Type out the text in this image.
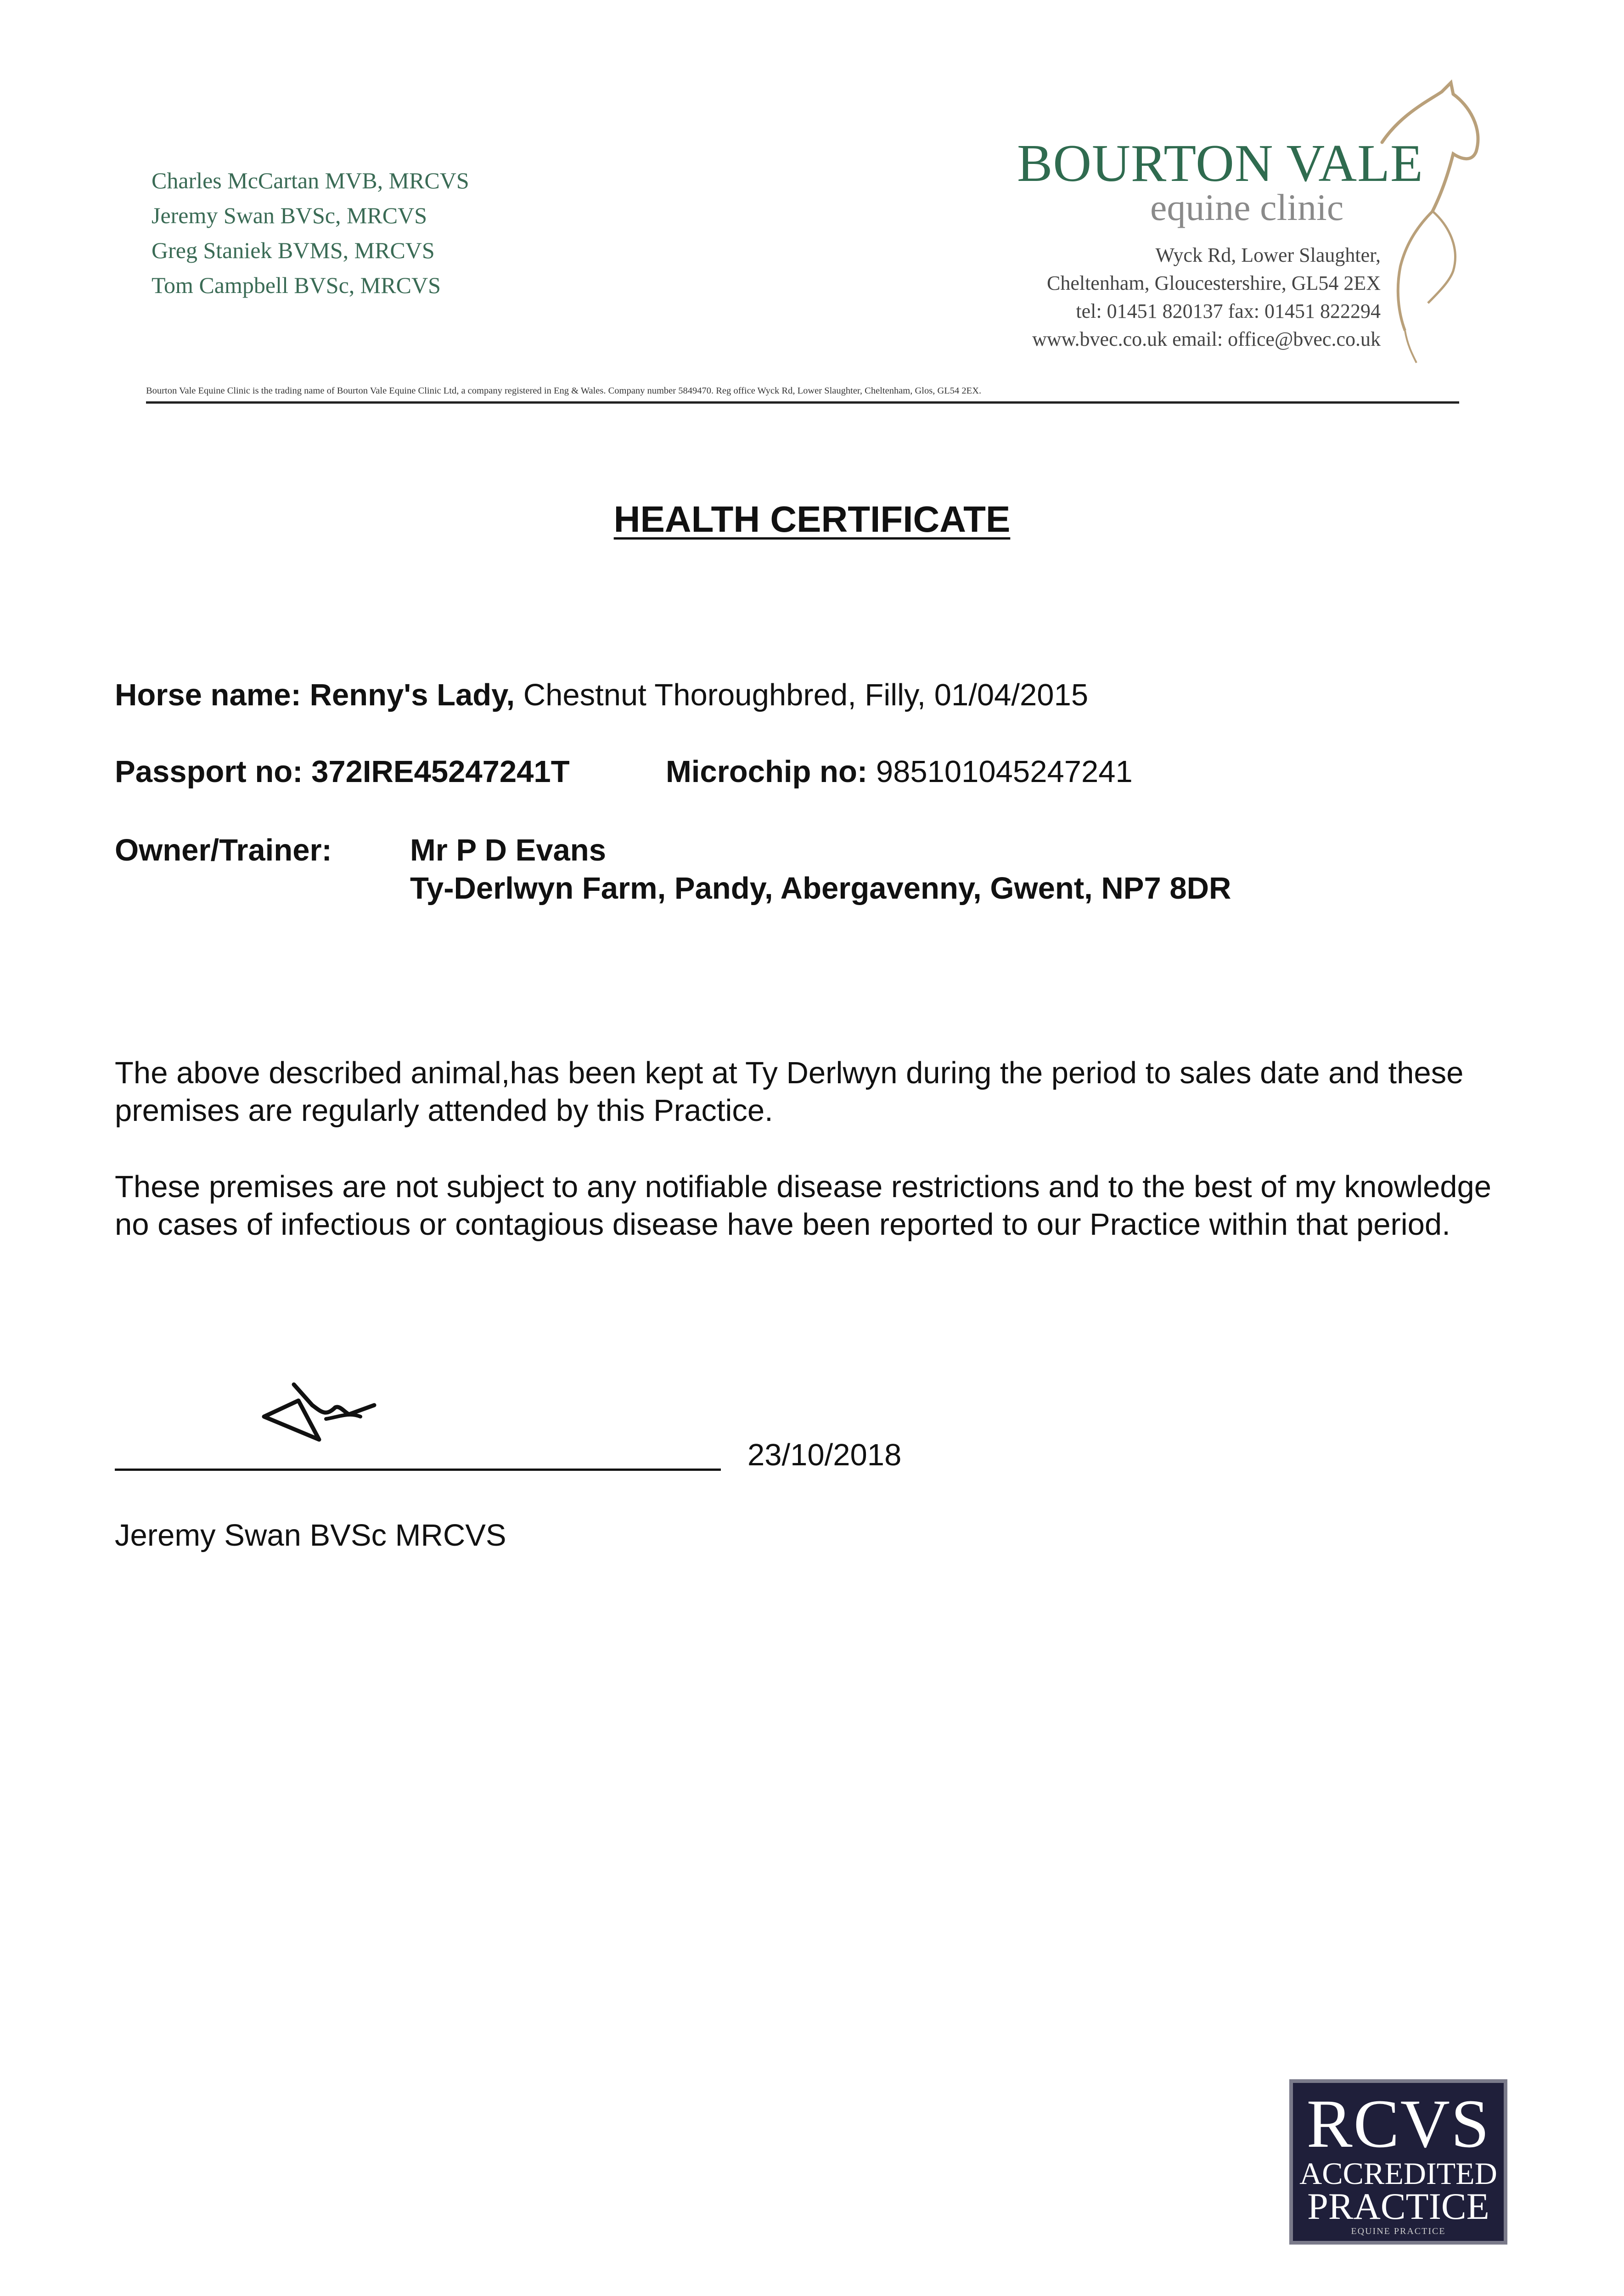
Charles McCartan MVB, MRCVS
Jeremy Swan BVSc, MRCVS
Greg Staniek BVMS, MRCVS
Tom Campbell BVSc, MRCVS
BOURTON VALE
equine clinic
Wyck Rd, Lower Slaughter,
Cheltenham, Gloucestershire, GL54 2EX
tel: 01451 820137 fax: 01451 822294
www.bvec.co.uk email: office@bvec.co.uk
Bourton Vale Equine Clinic is the trading name of Bourton Vale Equine Clinic Ltd, a company registered in Eng & Wales. Company number 5849470. Reg office Wyck Rd, Lower Slaughter, Cheltenham, Glos, GL54 2EX.
HEALTH CERTIFICATE
Horse name: Renny's Lady, Chestnut Thoroughbred, Filly, 01/04/2015
Passport no: 372IRE45247241T	Microchip no: 985101045247241
Owner/Trainer:	Mr P D Evans
Ty-Derlwyn Farm, Pandy, Abergavenny, Gwent, NP7 8DR
The above described animal,has been kept at Ty Derlwyn during the period to sales date and these premises are regularly attended by this Practice.
These premises are not subject to any notifiable disease restrictions and to the best of my knowledge no cases of infectious or contagious disease have been reported to our Practice within that period.
23/10/2018
Jeremy Swan BVSc MRCVS
RCVS
ACCREDITED
PRACTICE
EQUINE PRACTICE
